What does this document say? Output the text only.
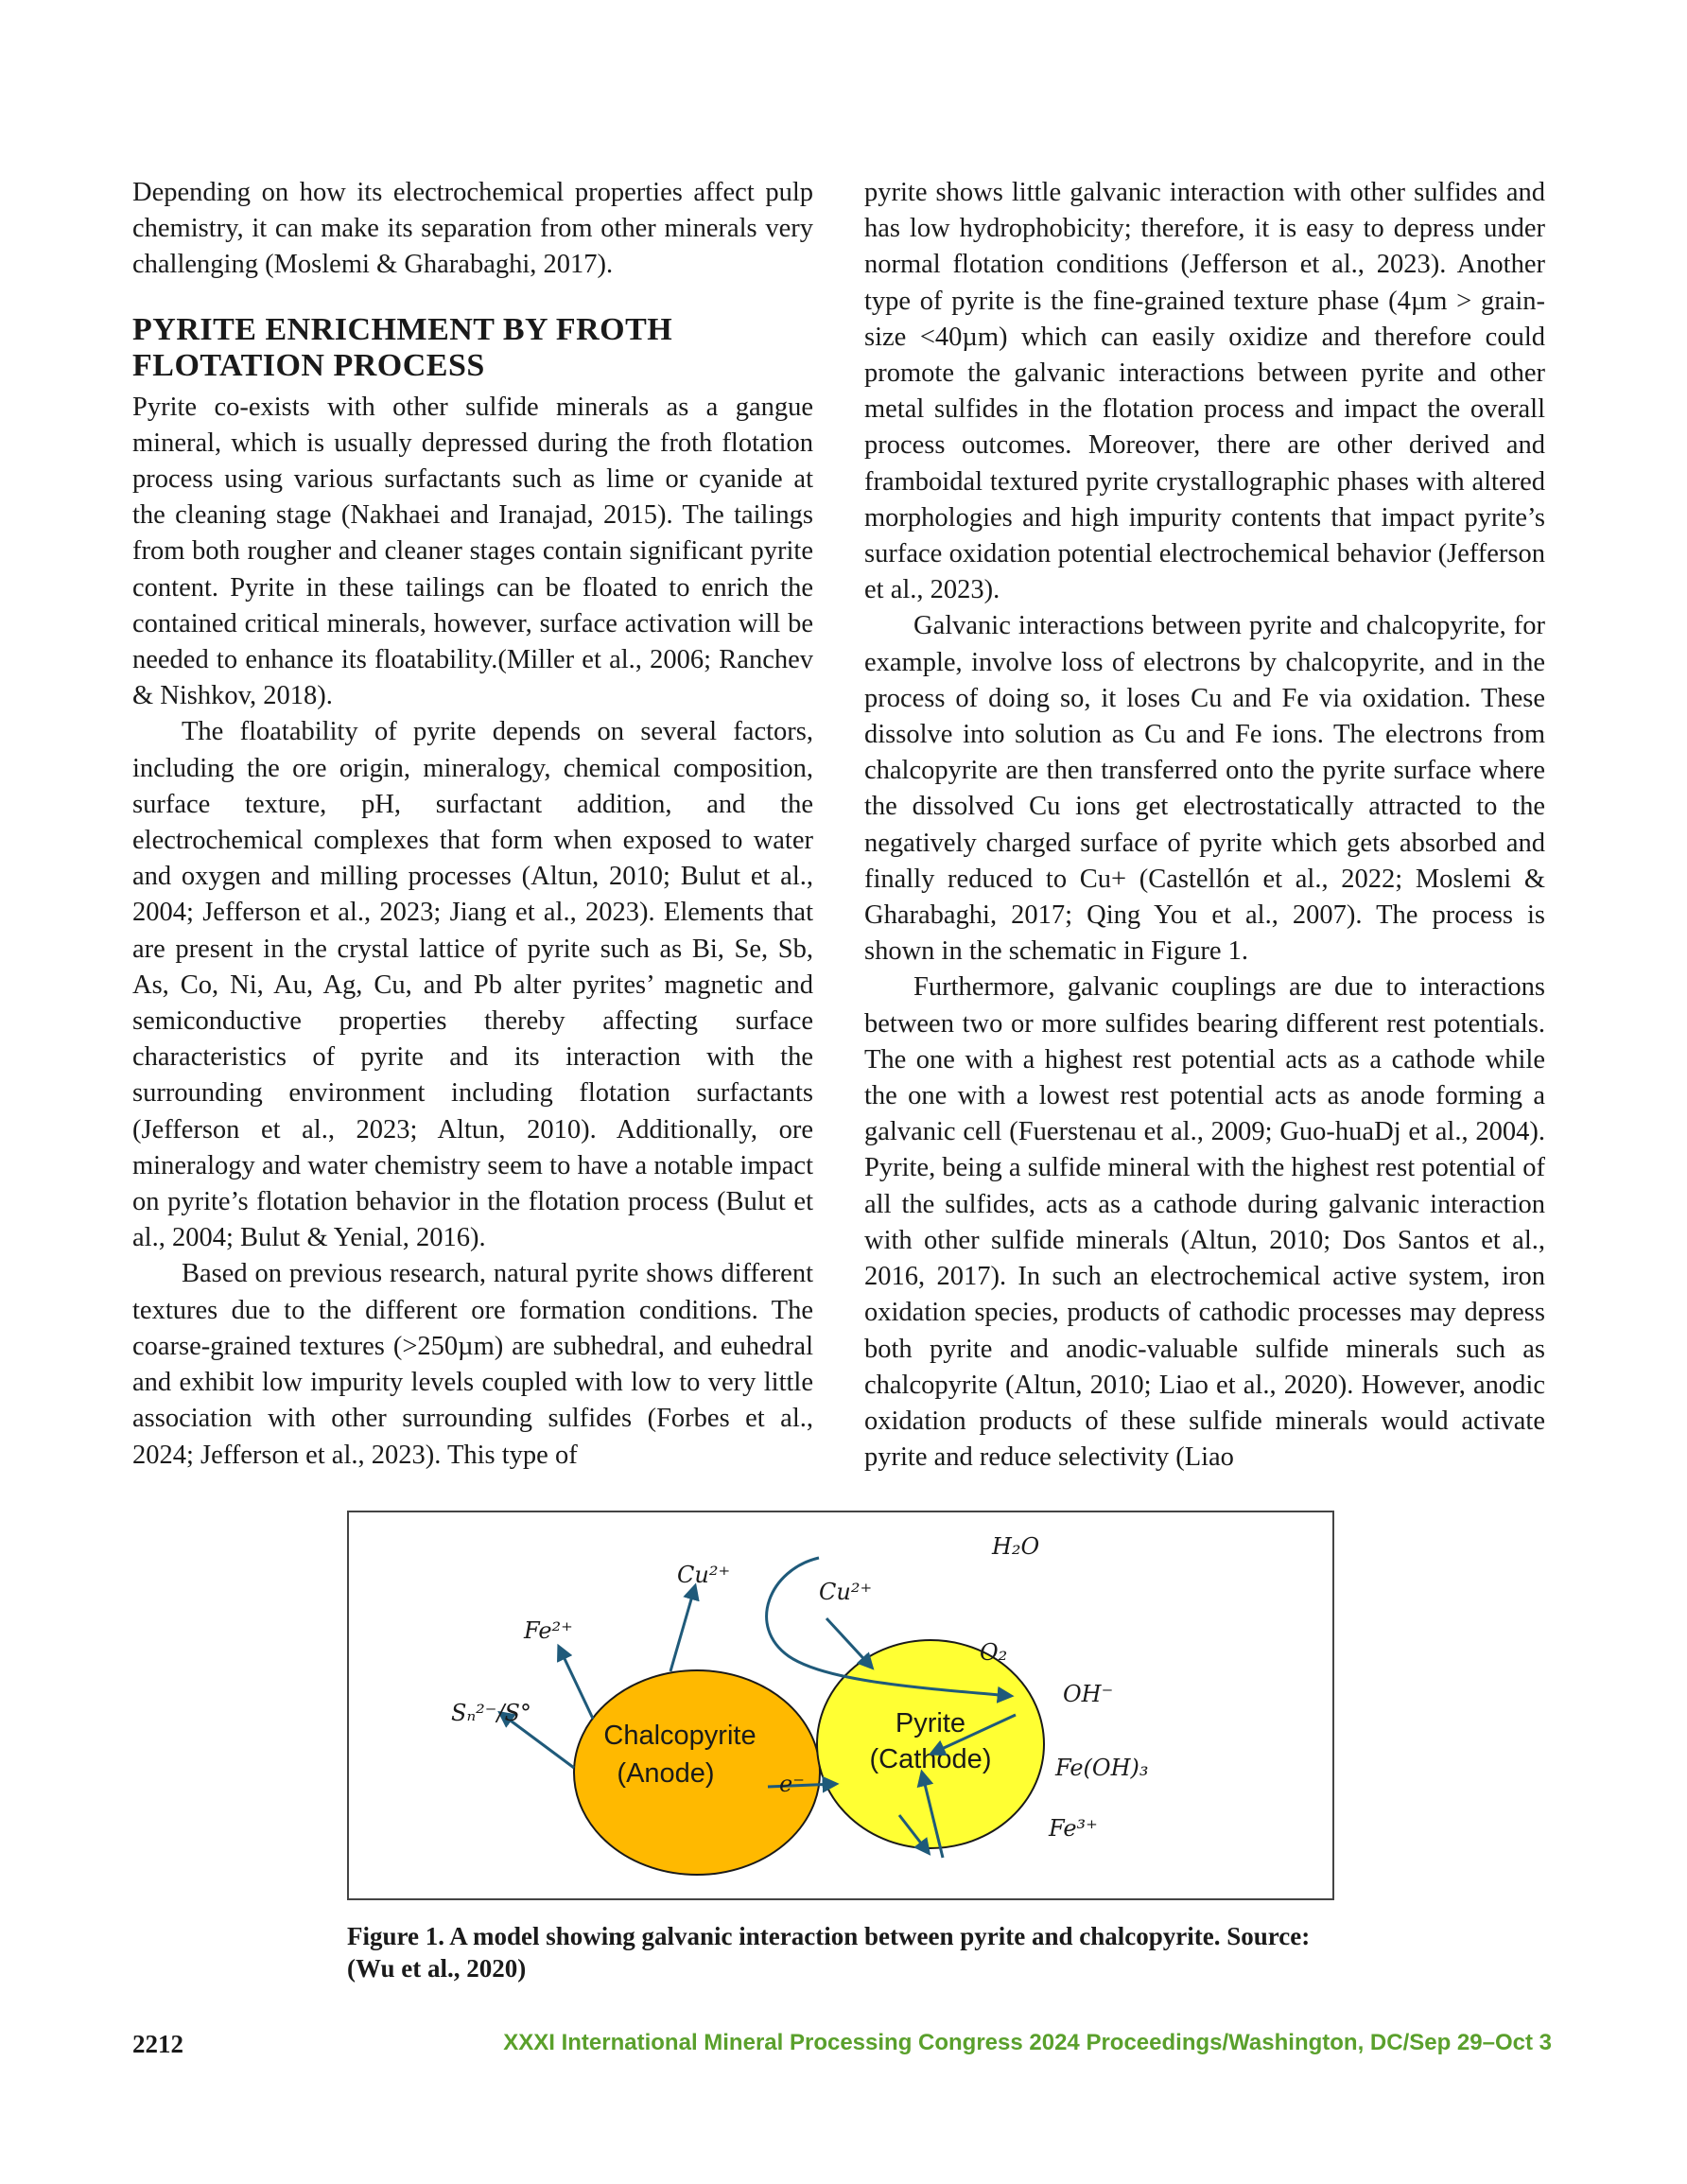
Depending on how its electrochemical properties affect pulp chemistry, it can make its separation from other minerals very challenging (Moslemi & Gharabaghi, 2017).

PYRITE ENRICHMENT BY FROTH FLOTATION PROCESS

Pyrite co-exists with other sulfide minerals as a gangue mineral, which is usually depressed during the froth flotation process using various surfactants such as lime or cyanide at the cleaning stage (Nakhaei and Iranajad, 2015). The tailings from both rougher and cleaner stages contain significant pyrite content. Pyrite in these tailings can be floated to enrich the contained critical minerals, however, surface activation will be needed to enhance its floatability.(Miller et al., 2006; Ranchev & Nishkov, 2018).

The floatability of pyrite depends on several factors, including the ore origin, mineralogy, chemical composition, surface texture, pH, surfactant addition, and the electrochemical complexes that form when exposed to water and oxygen and milling processes (Altun, 2010; Bulut et al., 2004; Jefferson et al., 2023; Jiang et al., 2023). Elements that are present in the crystal lattice of pyrite such as Bi, Se, Sb, As, Co, Ni, Au, Ag, Cu, and Pb alter pyrites’ magnetic and semiconductive properties thereby affecting surface characteristics of pyrite and its interaction with the surrounding environment including flotation surfactants (Jefferson et al., 2023; Altun, 2010). Additionally, ore mineralogy and water chemistry seem to have a notable impact on pyrite’s flotation behavior in the flotation process (Bulut et al., 2004; Bulut & Yenial, 2016).

Based on previous research, natural pyrite shows different textures due to the different ore formation conditions. The coarse-grained textures (>250µm) are subhedral, and euhedral and exhibit low impurity levels coupled with low to very little association with other surrounding sulfides (Forbes et al., 2024; Jefferson et al., 2023). This type of

pyrite shows little galvanic interaction with other sulfides and has low hydrophobicity; therefore, it is easy to depress under normal flotation conditions (Jefferson et al., 2023). Another type of pyrite is the fine-grained texture phase (4µm > grain-size <40µm) which can easily oxidize and therefore could promote the galvanic interactions between pyrite and other metal sulfides in the flotation process and impact the overall process outcomes. Moreover, there are other derived and framboidal textured pyrite crystallographic phases with altered morphologies and high impurity contents that impact pyrite’s surface oxidation potential electrochemical behavior (Jefferson et al., 2023).

Galvanic interactions between pyrite and chalcopyrite, for example, involve loss of electrons by chalcopyrite, and in the process of doing so, it loses Cu and Fe via oxidation. These dissolve into solution as Cu and Fe ions. The electrons from chalcopyrite are then transferred onto the pyrite surface where the dissolved Cu ions get electrostatically attracted to the negatively charged surface of pyrite which gets absorbed and finally reduced to Cu+ (Castellón et al., 2022; Moslemi & Gharabaghi, 2017; Qing You et al., 2007). The process is shown in the schematic in Figure 1.

Furthermore, galvanic couplings are due to interactions between two or more sulfides bearing different rest potentials. The one with a highest rest potential acts as a cathode while the one with a lowest rest potential acts as anode forming a galvanic cell (Fuerstenau et al., 2009; Guo-huaDj et al., 2004). Pyrite, being a sulfide mineral with the highest rest potential of all the sulfides, acts as a cathode during galvanic interaction with other sulfide minerals (Altun, 2010; Dos Santos et al., 2016, 2017). In such an electrochemical active system, iron oxidation species, products of cathodic processes may depress both pyrite and anodic-valuable sulfide minerals such as chalcopyrite (Altun, 2010; Liao et al., 2020). However, anodic oxidation products of these sulfide minerals would activate pyrite and reduce selectivity (Liao

Chalcopyrite
(Anode)
Pyrite
(Cathode)
e⁻
Sₙ²⁻/S°
Fe²⁺
Cu²⁺
Cu²⁺
H₂O
O₂
OH⁻
Fe(OH)₃
Fe³⁺
Figure 1. A model showing galvanic interaction between pyrite and chalcopyrite. Source: (Wu et al., 2020)
2212	XXXI International Mineral Processing Congress 2024 Proceedings/Washington, DC/Sep 29–Oct 3
